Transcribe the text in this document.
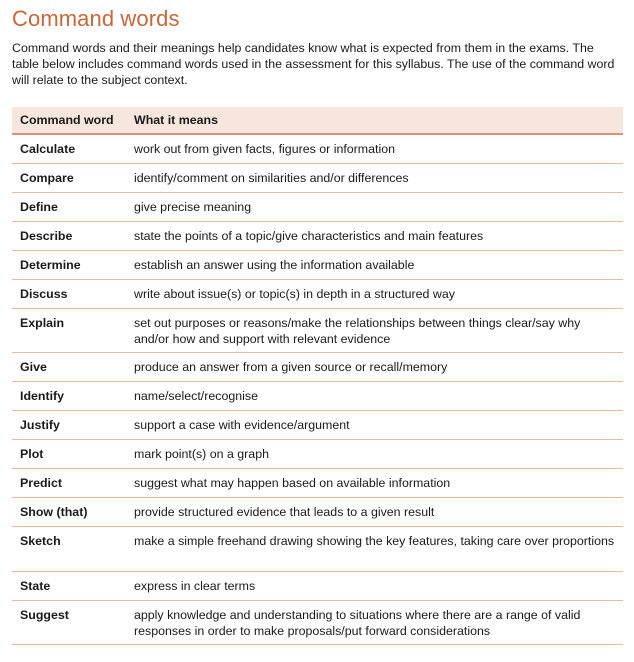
Command words

Command words and their meanings help candidates know what is expected from them in the exams. The table below includes command words used in the assessment for this syllabus. The use of the command word will relate to the subject context.

Command word	What it means
Calculate	work out from given facts, figures or information
Compare	identify/comment on similarities and/or differences
Define	give precise meaning
Describe	state the points of a topic/give characteristics and main features
Determine	establish an answer using the information available
Discuss	write about issue(s) or topic(s) in depth in a structured way
Explain	set out purposes or reasons/make the relationships between things clear/say why and/or how and support with relevant evidence
Give	produce an answer from a given source or recall/memory
Identify	name/select/recognise
Justify	support a case with evidence/argument
Plot	mark point(s) on a graph
Predict	suggest what may happen based on available information
Show (that)	provide structured evidence that leads to a given result
Sketch	make a simple freehand drawing showing the key features, taking care over proportions
State	express in clear terms
Suggest	apply knowledge and understanding to situations where there are a range of valid responses in order to make proposals/put forward considerations
